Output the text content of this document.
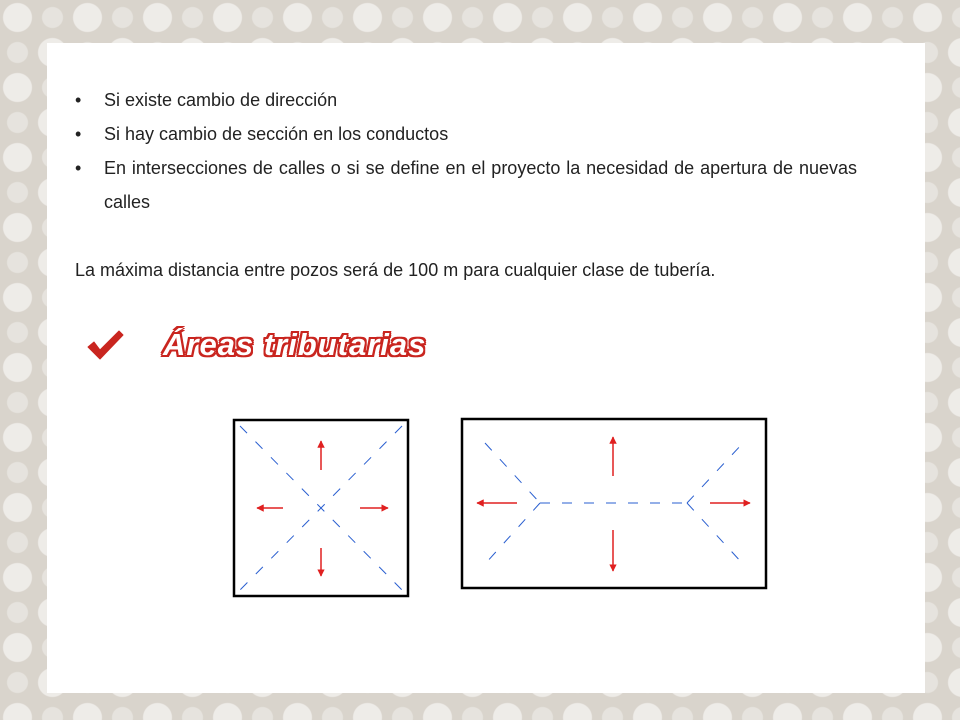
• Si existe cambio de dirección
• Si hay cambio de sección en los conductos
• En intersecciones de calles o si se define en el proyecto la necesidad de apertura de nuevas calles
La máxima distancia entre pozos será de 100 m para cualquier clase de tubería.
Áreas tributarias
